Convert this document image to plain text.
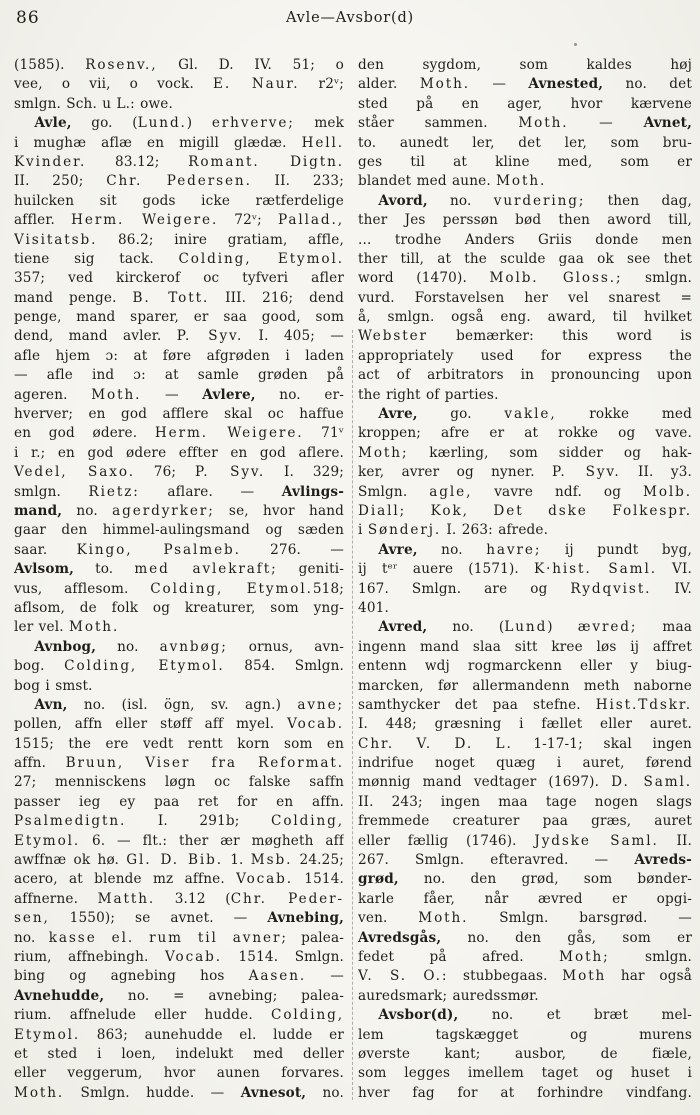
86	Avle—Avsbor(d)
(1585). Rosenv., Gl. D. IV. 51; o
vee, o vii, o vock. E. Naur. r2ᵛ;
smlgn. Sch. u L.: owe.
Avle, go. (Lund.) erhverve; mek
i mughæ aflæ en migill glædæ. Hell.
Kvinder. 83.12; Romant. Digtn.
II. 250; Chr. Pedersen. II. 233;
huilcken sit gods icke rætferdelige
affler. Herm. Weigere. 72ᵛ; Pallad.,
Visitatsb. 86.2; inire gratiam, affle,
tiene sig tack. Colding, Etymol.
357; ved kirckerof oc tyfveri afler
mand penge. B. Tott. III. 216; dend
penge, mand sparer, er saa good, som
dend, mand avler. P. Syv. I. 405; —
afle hjem ɔ: at føre afgrøden i laden
— afle ind ɔ: at samle grøden på
ageren. Moth. — Avlere, no. er-
hverver; en god afflere skal oc haffue
en god ødere. Herm. Weigere. 71ᵛ
i r.; en god ødere effter en god aflere.
Vedel, Saxo. 76; P. Syv. I. 329;
smlgn. Rietz: aflare. — Avlings-
mand, no. agerdyrker; se, hvor hand
gaar den himmel-aulingsmand og sæden
saar. Kingo, Psalmeb. 276. —
Avlsom, to. med avlekraft; geniti-
vus, afflesom. Colding, Etymol.518;
aflsom, de folk og kreaturer, som yng-
ler vel. Moth.
Avnbog, no. avnbøg; ornus, avn-
bog. Colding, Etymol. 854. Smlgn.
bog i smst.
Avn, no. (isl. ögn, sv. agn.) avne;
pollen, affn eller støff aff myel. Vocab.
1515; the ere vedt rentt korn som en
affn. Bruun, Viser fra Reformat.
27; mennisckens løgn oc falske saffn
passer ieg ey paa ret for en affn.
Psalmedigtn. I. 291b; Colding,
Etymol. 6. — flt.: ther ær møgheth aff
awffnæ ok hø. Gl. D. Bib. 1. Msb. 24.25;
acero, at blende mz affne. Vocab. 1514.
affnerne. Matth. 3.12 (Chr. Peder-
sen, 1550); se avnet. — Avnebing,
no. kasse el. rum til avner; palea-
rium, affnebingh. Vocab. 1514. Smlgn.
bing og agnebing hos Aasen. —
Avnehudde, no. = avnebing; palea-
rium. affnelude eller hudde. Colding,
Etymol. 863; aunehudde el. ludde er
et sted i loen, indelukt med deller
eller veggerum, hvor aunen forvares.
Moth. Smlgn. hudde. — Avnesot, no.
den sygdom, som kaldes høj
alder. Moth. — Avnested, no. det
sted på en ager, hvor kærvene
ståer sammen. Moth. — Avnet,
to. aunedt ler, det ler, som bru-
ges til at kline med, som er
blandet med aune. Moth.
Avord, no. vurdering; then dag,
ther Jes perssøn bød then aword till,
... trodhe Anders Griis donde men
ther till, at the sculde gaa ok see thet
word (1470). Molb. Gloss.; smlgn.
vurd. Forstavelsen her vel snarest =
å, smlgn. også eng. award, til hvilket
Webster bemærker: this word is
appropriately used for express the
act of arbitrators in pronouncing upon
the right of parties.
Avre, go. vakle, rokke med
kroppen; afre er at rokke og vave.
Moth; kærling, som sidder og hak-
ker, avrer og nyner. P. Syv. II. y3.
Smlgn. agle, vavre ndf. og Molb.
Diall; Kok, Det dske Folkespr.
i Sønderj. I. 263: afrede.
Avre, no. havre; ij pundt byg,
ij tᵉʳ auere (1571). K·hist. Saml. VI.
167. Smlgn. are og Rydqvist. IV.
401.
Avred, no. (Lund) ævred; maa
ingenn mand slaa sitt kree løs ij affret
entenn wdj rogmarckenn eller y biug-
marcken, før allermandenn meth naborne
samthycker det paa stefne. Hist.Tdskr.
I. 448; græsning i fællet eller auret.
Chr. V. D. L. 1-17-1; skal ingen
indrifue noget quæg i auret, førend
mønnig mand vedtager (1697). D. Saml.
II. 243; ingen maa tage nogen slags
fremmede creaturer paa græs, auret
eller fællig (1746). Jydske Saml. II.
267. Smlgn. efteravred. — Avreds-
grød, no. den grød, som bønder-
karle fåer, når ævred er opgi-
ven. Moth. Smlgn. barsgrød. —
Avredsgås, no. den gås, som er
fedet på afred. Moth; smlgn.
V. S. O.: stubbegaas. Moth har også
auredsmark; auredssmør.
Avsbor(d), no. et bræt mel-
lem tagskægget og murens
øverste kant; ausbor, de fiæle,
som legges imellem taget og huset i
hver fag for at forhindre vindfang.
